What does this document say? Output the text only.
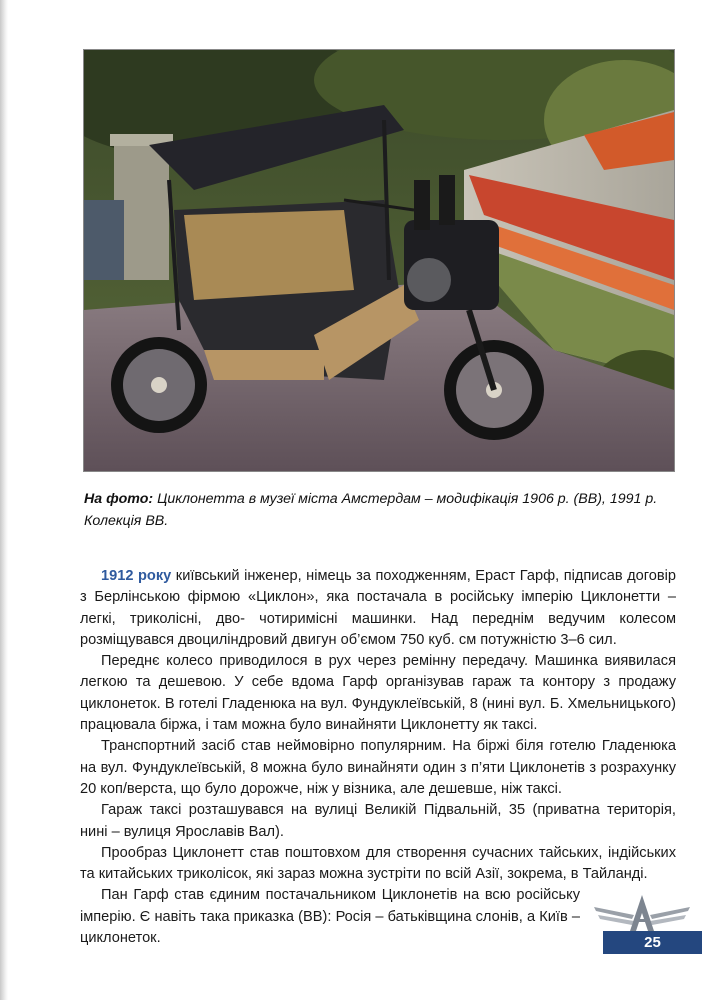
На фото: Циклонетта в музеї міста Амстердам – модифікація 1906 р. (ВВ), 1991 р. Колекція ВВ.

1912 року київський інженер, німець за походженням, Ераст Гарф, підписав договір з Берлінською фірмою «Циклон», яка постачала в російську імперію Циклонетти – легкі, триколісні, дво- чотиримісні машинки. Над переднім ведучим колесом розміщувався двоциліндровий двигун об’ємом 750 куб. см потужністю 3–6 сил.

Переднє колесо приводилося в рух через ремінну передачу. Машинка виявилася легкою та дешевою. У себе вдома Гарф організував гараж та контору з продажу циклонеток. В готелі Гладенюка на вул. Фундуклеївській, 8 (нині вул. Б. Хмельницького) працювала біржа, і там можна було винайняти Циклонетту як таксі.

Транспортний засіб став неймовірно популярним. На біржі біля готелю Гладенюка на вул. Фундуклеївській, 8 можна було винайняти один з п’яти Циклонетів з розрахунку 20 коп/верста, що було дорожче, ніж у візника, але дешевше, ніж таксі.

Гараж таксі розташувався на вулиці Великій Підвальній, 35 (приватна територія, нині – вулиця Ярославів Вал).

Прообраз Циклонетт став поштовхом для створення сучасних тайських, індійських та китайських триколісок, які зараз можна зустріти по всій Азії, зокрема, в Тайланді.

Пан Гарф став єдиним постачальником Циклонетів на всю російську імперію. Є навіть така приказка (ВВ): Росія – батьківщина слонів, а Київ – циклонеток.	25
